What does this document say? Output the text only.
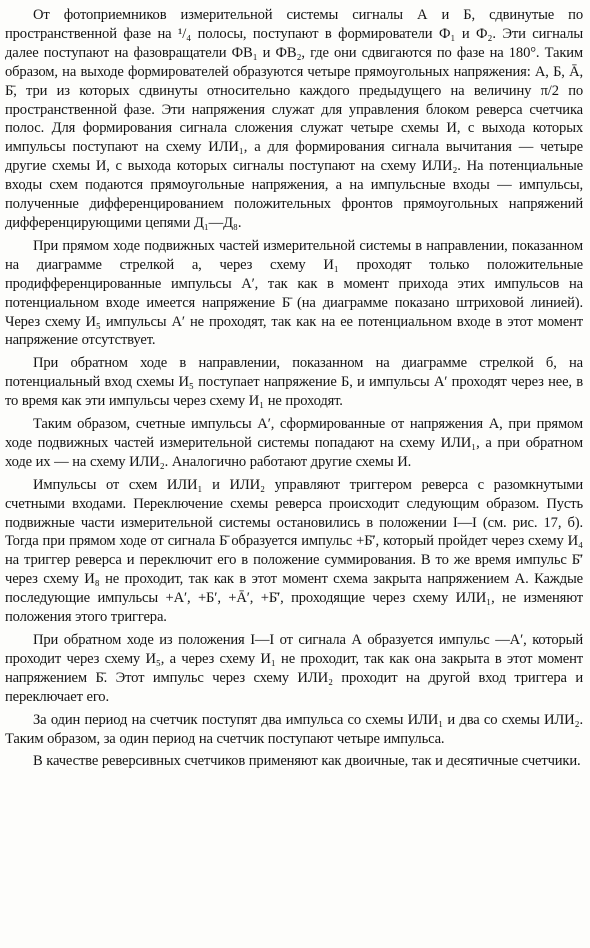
От фотоприемников измерительной системы сигналы А и Б, сдвинутые по пространственной фазе на ¹/₄ полосы, поступают в формирователи Ф₁ и Ф₂. Эти сигналы далее поступают на фазовращатели ФВ₁ и ФВ₂, где они сдвигаются по фазе на 180°. Таким образом, на выходе формирователей образуются четыре прямоугольных напряжения: А, Б, Ā, Б̄, три из которых сдвинуты относительно каждого предыдущего на величину π/2 по пространственной фазе. Эти напряжения служат для управления блоком реверса счетчика полос. Для формирования сигнала сложения служат четыре схемы И, с выхода которых импульсы поступают на схему ИЛИ₁, а для формирования сигнала вычитания — четыре другие схемы И, с выхода которых сигналы поступают на схему ИЛИ₂. На потенциальные входы схем подаются прямоугольные напряжения, а на импульсные входы — импульсы, полученные дифференцированием положительных фронтов прямоугольных напряжений дифференцирующими цепями Д₁—Д₈.

При прямом ходе подвижных частей измерительной системы в направлении, показанном на диаграмме стрелкой а, через схему И₁ проходят только положительные продифференцированные импульсы А′, так как в момент прихода этих импульсов на потенциальном входе имеется напряжение Б̄ (на диаграмме показано штриховой линией). Через схему И₅ импульсы А′ не проходят, так как на ее потенциальном входе в этот момент напряжение отсутствует.

При обратном ходе в направлении, показанном на диаграмме стрелкой б, на потенциальный вход схемы И₅ поступает напряжение Б, и импульсы А′ проходят через нее, в то время как эти импульсы через схему И₁ не проходят.

Таким образом, счетные импульсы А′, сформированные от напряжения А, при прямом ходе подвижных частей измерительной системы попадают на схему ИЛИ₁, а при обратном ходе их — на схему ИЛИ₂. Аналогично работают другие схемы И.

Импульсы от схем ИЛИ₁ и ИЛИ₂ управляют триггером реверса с разомкнутыми счетными входами. Переключение схемы реверса происходит следующим образом. Пусть подвижные части измерительной системы остановились в положении I—I (см. рис. 17, б). Тогда при прямом ходе от сигнала Б̄ образуется импульс +Б̄′, который пройдет через схему И₄ на триггер реверса и переключит его в положение суммирования. В то же время импульс Б̄′ через схему И₈ не проходит, так как в этот момент схема закрыта напряжением А. Каждые последующие импульсы +А′, +Б′, +Ā′, +Б̄′, проходящие через схему ИЛИ₁, не изменяют положения этого триггера.

При обратном ходе из положения I—I от сигнала А образуется импульс —А′, который проходит через схему И₅, а через схему И₁ не проходит, так как она закрыта в этот момент напряжением Б̄. Этот импульс через схему ИЛИ₂ проходит на другой вход триггера и переключает его.

За один период на счетчик поступят два импульса со схемы ИЛИ₁ и два со схемы ИЛИ₂. Таким образом, за один период на счетчик поступают четыре импульса.

В качестве реверсивных счетчиков применяют как двоичные, так и десятичные счетчики.
